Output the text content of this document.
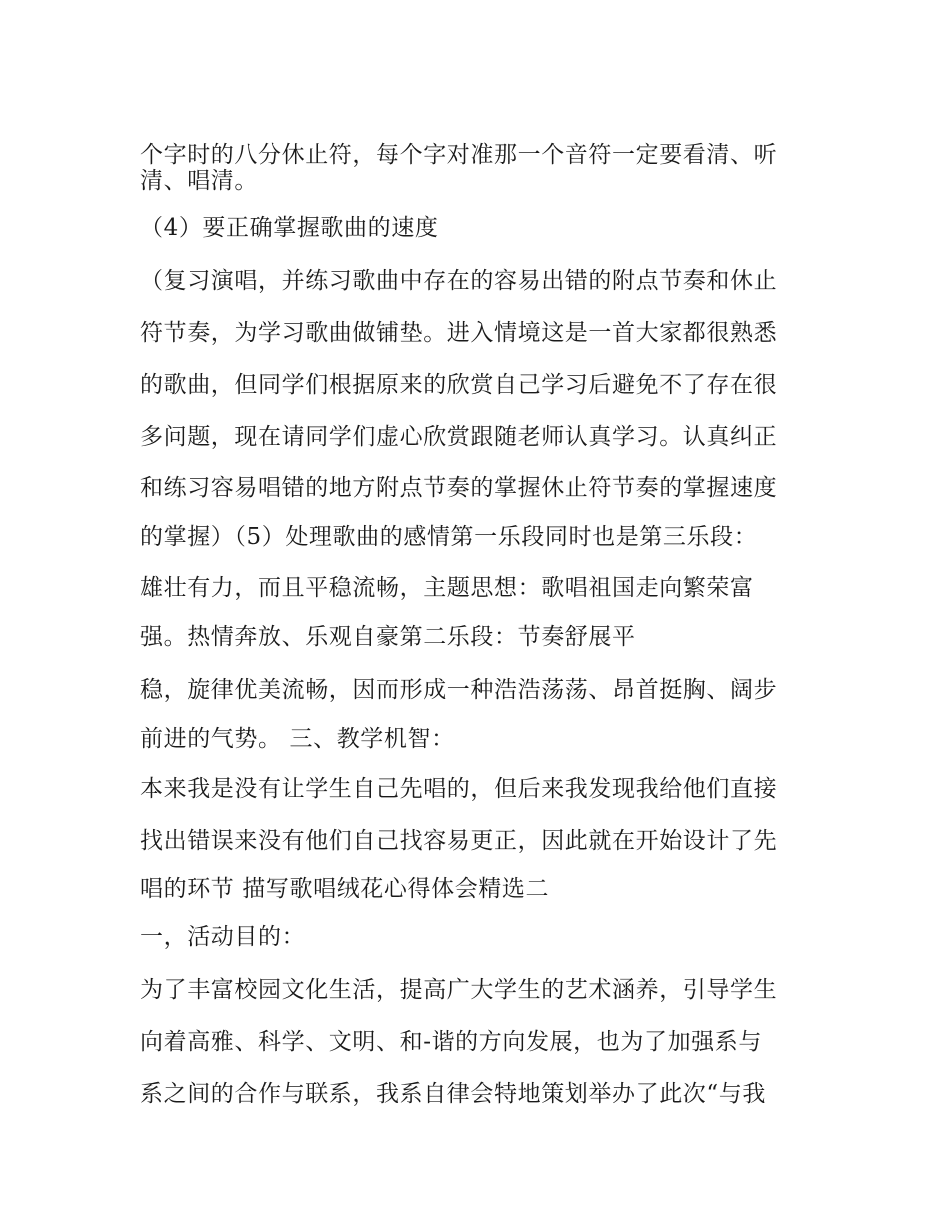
个字时的八分休止符，每个字对准那一个音符一定要看清、听
清、唱清。
（4）要正确掌握歌曲的速度
（复习演唱，并练习歌曲中存在的容易出错的附点节奏和休止
符节奏，为学习歌曲做铺垫。进入情境这是一首大家都很熟悉
的歌曲，但同学们根据原来的欣赏自己学习后避免不了存在很
多问题，现在请同学们虚心欣赏跟随老师认真学习。认真纠正
和练习容易唱错的地方附点节奏的掌握休止符节奏的掌握速度
的掌握）（5）处理歌曲的感情第一乐段同时也是第三乐段：
雄壮有力，而且平稳流畅，主题思想：歌唱祖国走向繁荣富
强。热情奔放、乐观自豪第二乐段：节奏舒展平
稳，旋律优美流畅，因而形成一种浩浩荡荡、昂首挺胸、阔步
前进的气势。 三、教学机智：
本来我是没有让学生自己先唱的，但后来我发现我给他们直接
找出错误来没有他们自己找容易更正，因此就在开始设计了先
唱的环节 描写歌唱绒花心得体会精选二
一，活动目的：
为了丰富校园文化生活，提高广大学生的艺术涵养，引导学生
向着高雅、科学、文明、和-谐的方向发展，也为了加强系与
系之间的合作与联系，我系自律会特地策划举办了此次“与我
